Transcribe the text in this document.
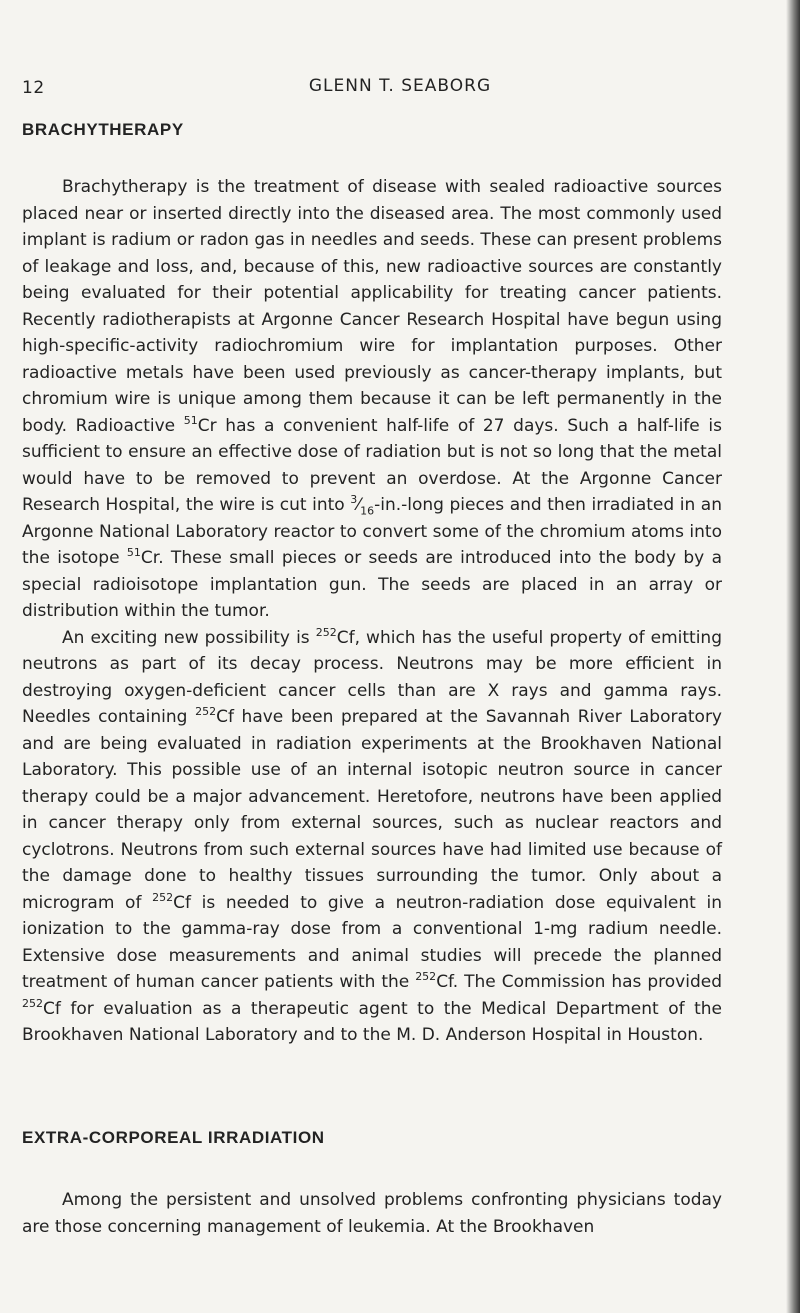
12	GLENN T. SEABORG
BRACHYTHERAPY

Brachytherapy is the treatment of disease with sealed radioactive sources placed near or inserted directly into the diseased area. The most commonly used implant is radium or radon gas in needles and seeds. These can present problems of leakage and loss, and, because of this, new radioactive sources are constantly being evaluated for their potential applicability for treating cancer patients. Recently radiotherapists at Argonne Cancer Research Hospital have begun using high-specific-activity radiochromium wire for implantation purposes. Other radioactive metals have been used previously as cancer-therapy implants, but chromium wire is unique among them because it can be left permanently in the body. Radioactive $^{51}$Cr has a convenient half-life of 27 days. Such a half-life is sufficient to ensure an effective dose of radiation but is not so long that the metal would have to be removed to prevent an overdose. At the Argonne Cancer Research Hospital, the wire is cut into $^3⁄_{16}-in$.-long pieces and then irradiated in an Argonne National Laboratory reactor to convert some of the chromium atoms into the isotope $^{51}$Cr. These small pieces or seeds are introduced into the body by a special radioisotope implantation gun. The seeds are placed in an array or distribution within the tumor.

An exciting new possibility is $^{252}$Cf, which has the useful property of emitting neutrons as part of its decay process. Neutrons may be more efficient in destroying oxygen-deficient cancer cells than are X rays and gamma rays. Needles containing $^{252}$Cf have been prepared at the Savannah River Laboratory and are being evaluated in radiation experiments at the Brookhaven National Laboratory. This possible use of an internal isotopic neutron source in cancer therapy could be a major advancement. Heretofore, neutrons have been applied in cancer therapy only from external sources, such as nuclear reactors and cyclotrons. Neutrons from such external sources have had limited use because of the damage done to healthy tissues surrounding the tumor. Only about a microgram of $^{252}$Cf is needed to give a neutron-radiation dose equivalent in ionization to the gamma-ray dose from a conventional 1-mg radium needle. Extensive dose measurements and animal studies will precede the planned treatment of human cancer patients with the $^{252}$Cf. The Commission has provided $^{252}$Cf for evaluation as a therapeutic agent to the Medical Department of the Brookhaven National Laboratory and to the M. D. Anderson Hospital in Houston.

EXTRA-CORPOREAL IRRADIATION

Among the persistent and unsolved problems confronting physicians today are those concerning management of leukemia. At the Brookhaven
